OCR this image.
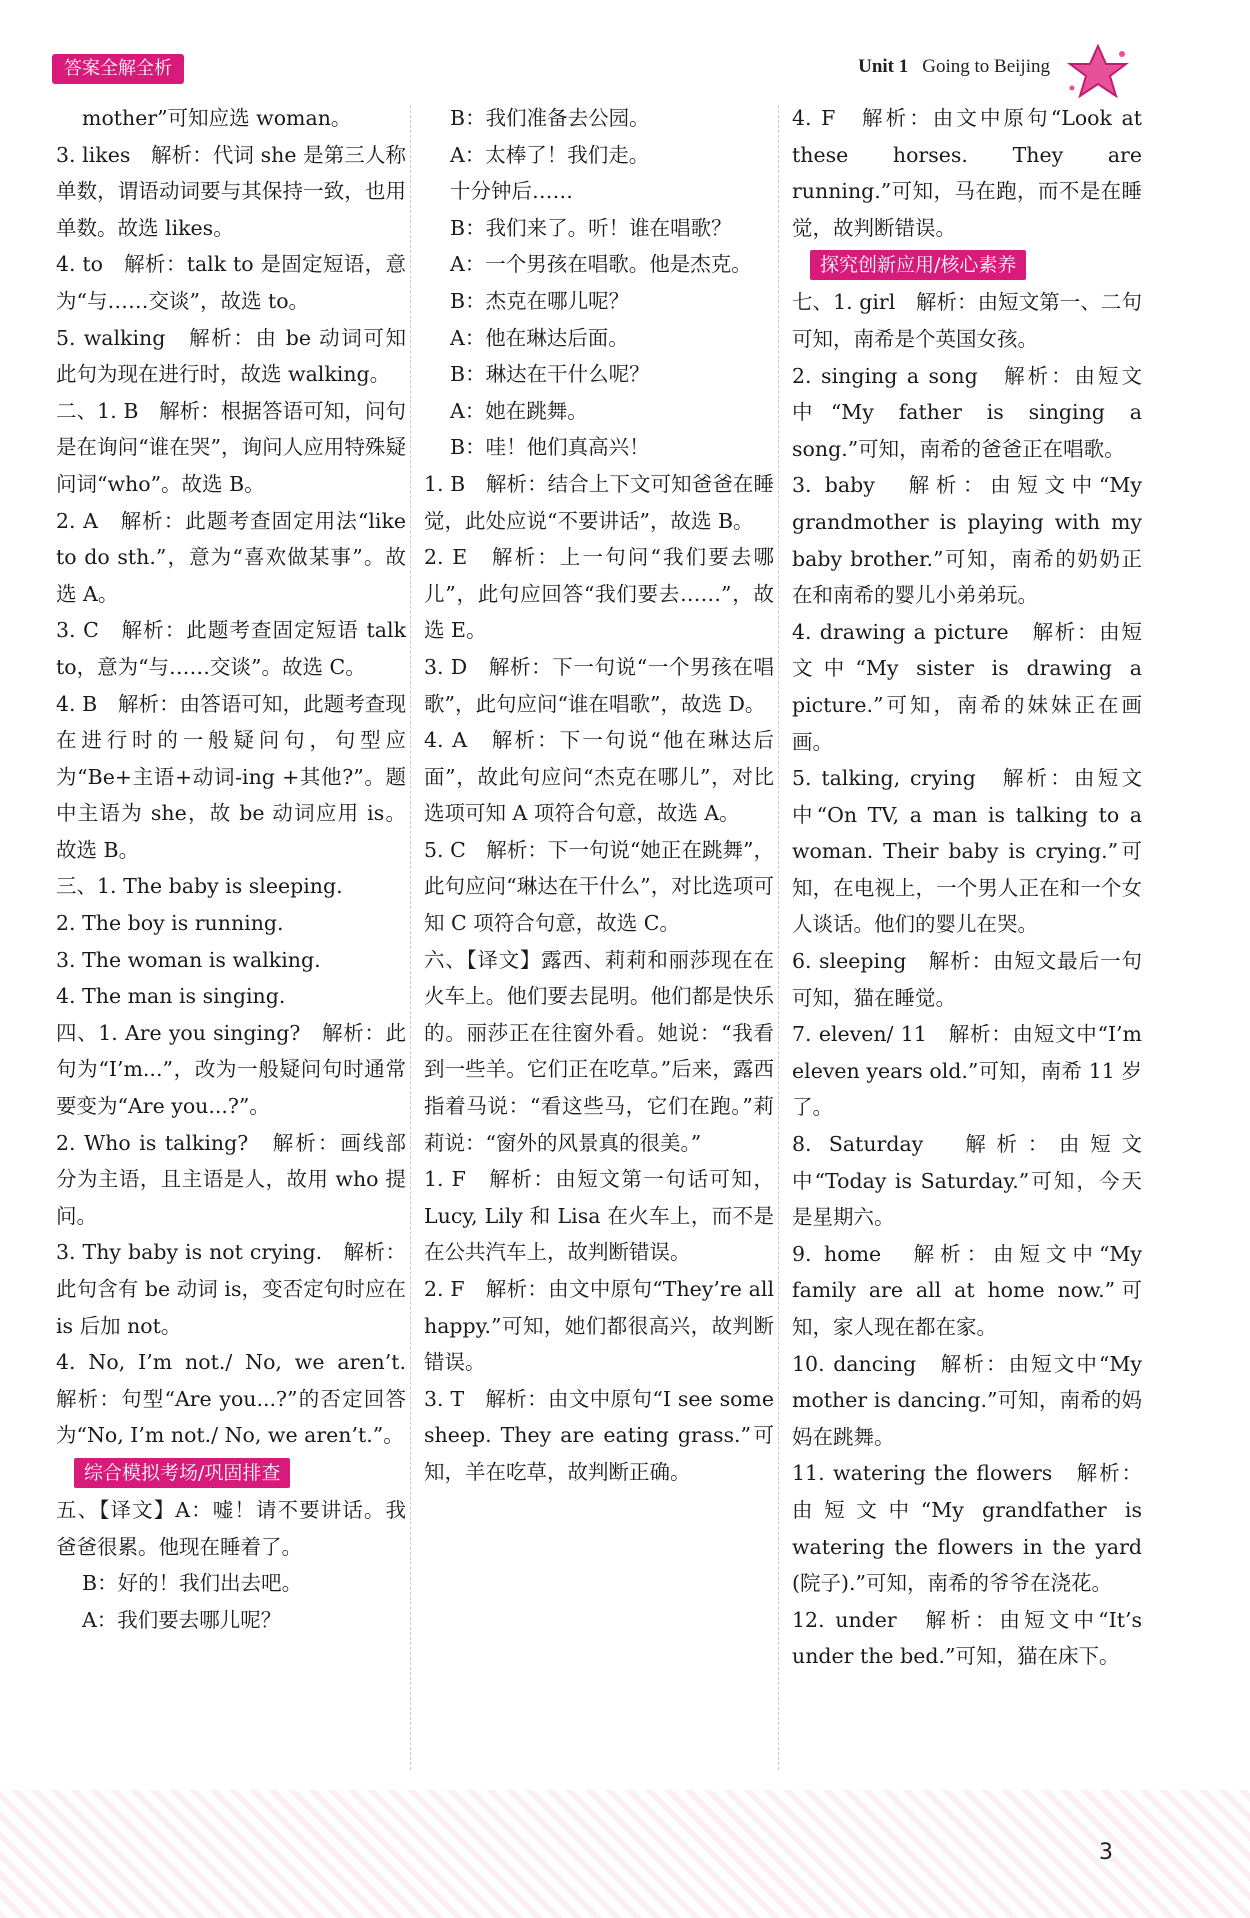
答案全解全析	Unit 1 Going to Beijing

mother”可知应选 woman。

3. likes　解析：代词 she 是第三人称单数，谓语动词要与其保持一致，也用单数。故选 likes。

4. to　解析：talk to 是固定短语，意为“与……交谈”，故选 to。

5. walking　解析：由 be 动词可知此句为现在进行时，故选 walking。

二、1. B　解析：根据答语可知，问句是在询问“谁在哭”，询问人应用特殊疑问词“who”。故选 B。

2. A　解析：此题考查固定用法“like to do sth.”，意为“喜欢做某事”。故选 A。

3. C　解析：此题考查固定短语 talk to，意为“与……交谈”。故选 C。

4. B　解析：由答语可知，此题考查现在进行时的一般疑问句，句型应为“Be+主语+动词-ing +其他?”。题中主语为 she，故 be 动词应用 is。故选 B。

三、1. The baby is sleeping.

2. The boy is running.

3. The woman is walking.

4. The man is singing.

四、1. Are you singing?　解析：此句为“I’m...”，改为一般疑问句时通常要变为“Are you...?”。

2. Who is talking?　解析：画线部分为主语，且主语是人，故用 who 提问。

3. Thy baby is not crying.　解析：此句含有 be 动词 is，变否定句时应在 is 后加 not。

4. No, I’m not./ No, we aren’t.　解析：句型“Are you...?”的否定回答为“No, I’m not./ No, we aren’t.”。

综合模拟考场/巩固排查

五、【译文】A：嘘！请不要讲话。我爸爸很累。他现在睡着了。

B：好的！我们出去吧。

A：我们要去哪儿呢？

B：我们准备去公园。

A：太棒了！我们走。

十分钟后……

B：我们来了。听！谁在唱歌？

A：一个男孩在唱歌。他是杰克。

B：杰克在哪儿呢？

A：他在琳达后面。

B：琳达在干什么呢？

A：她在跳舞。

B：哇！他们真高兴！

1. B　解析：结合上下文可知爸爸在睡觉，此处应说“不要讲话”，故选 B。

2. E　解析：上一句问“我们要去哪儿”，此句应回答“我们要去……”，故选 E。

3. D　解析：下一句说“一个男孩在唱歌”，此句应问“谁在唱歌”，故选 D。

4. A　解析：下一句说“他在琳达后面”，故此句应问“杰克在哪儿”，对比选项可知 A 项符合句意，故选 A。

5. C　解析：下一句说“她正在跳舞”，此句应问“琳达在干什么”，对比选项可知 C 项符合句意，故选 C。

六、【译文】露西、莉莉和丽莎现在在火车上。他们要去昆明。他们都是快乐的。丽莎正在往窗外看。她说：“我看到一些羊。它们正在吃草。”后来，露西指着马说：“看这些马，它们在跑。”莉莉说：“窗外的风景真的很美。”

1. F　解析：由短文第一句话可知，Lucy, Lily 和 Lisa 在火车上，而不是在公共汽车上，故判断错误。

2. F　解析：由文中原句“They’re all happy.”可知，她们都很高兴，故判断错误。

3. T　解析：由文中原句“I see some sheep. They are eating grass.”可知，羊在吃草，故判断正确。

4. F　解析：由文中原句“Look at these horses. They are running.”可知，马在跑，而不是在睡觉，故判断错误。

探究创新应用/核心素养

七、1. girl　解析：由短文第一、二句可知，南希是个英国女孩。

2. singing a song　解析：由短文中“My father is singing a song.”可知，南希的爸爸正在唱歌。

3. baby　解析：由短文中“My grandmother is playing with my baby brother.”可知，南希的奶奶正在和南希的婴儿小弟弟玩。

4. drawing a picture　解析：由短文中“My sister is drawing a picture.”可知，南希的妹妹正在画画。

5. talking, crying　解析：由短文中“On TV, a man is talking to a woman. Their baby is crying.”可知，在电视上，一个男人正在和一个女人谈话。他们的婴儿在哭。

6. sleeping　解析：由短文最后一句可知，猫在睡觉。

7. eleven/ 11　解析：由短文中“I’m eleven years old.”可知，南希 11 岁了。

8. Saturday　解析：由短文中“Today is Saturday.”可知，今天是星期六。

9. home　解析：由短文中“My family are all at home now.”可知，家人现在都在家。

10. dancing　解析：由短文中“My mother is dancing.”可知，南希的妈妈在跳舞。

11. watering the flowers　解析：由短文中“My grandfather is watering the flowers in the yard (院子).”可知，南希的爷爷在浇花。

12. under　解析：由短文中“It’s under the bed.”可知，猫在床下。

3
